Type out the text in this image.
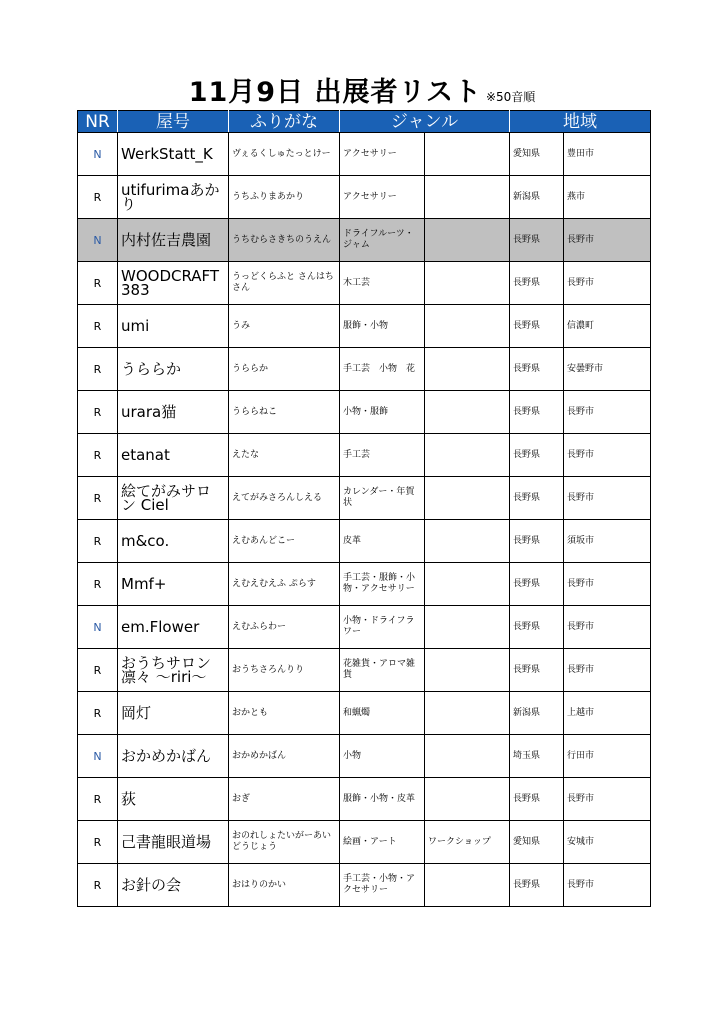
11月9日 出展者リスト ※50音順
NR	屋号	ふりがな	ジャンル		地域	
N	WerkStatt_K	ヴぇるくしゅたっとけー	アクセサリー		愛知県	豊田市
R	utifurimaあかり	うちふりまあかり	アクセサリー		新潟県	燕市
N	内村佐吉農園	うちむらさきちのうえん	ドライフルーツ・ジャム		長野県	長野市
R	WOODCRAFT 383	うっどくらふと さんはちさん	木工芸		長野県	長野市
R	umi	うみ	服飾・小物		長野県	信濃町
R	うららか	うららか	手工芸　小物　花		長野県	安曇野市
R	urara猫	うららねこ	小物・服飾		長野県	長野市
R	etanat	えたな	手工芸		長野県	長野市
R	絵てがみサロン Ciel	えてがみさろんしえる	カレンダー・年賀状		長野県	長野市
R	m&co.	えむあんどこー	皮革		長野県	須坂市
R	Mmf+	えむえむえふ ぷらす	手工芸・服飾・小物・アクセサリー		長野県	長野市
N	em.Flower	えむふらわー	小物・ドライフラワー		長野県	長野市
R	おうちサロン凛々 ～riri～	おうちさろんりり	花雑貨・アロマ雑貨		長野県	長野市
R	岡灯	おかとも	和蝋燭		新潟県	上越市
N	おかめかばん	おかめかばん	小物		埼玉県	行田市
R	荻	おぎ	服飾・小物・皮革		長野県	長野市
R	己書龍眼道場	おのれしょたいがーあいどうじょう	絵画・アート	ワークショップ	愛知県	安城市
R	お針の会	おはりのかい	手工芸・小物・アクセサリー		長野県	長野市
